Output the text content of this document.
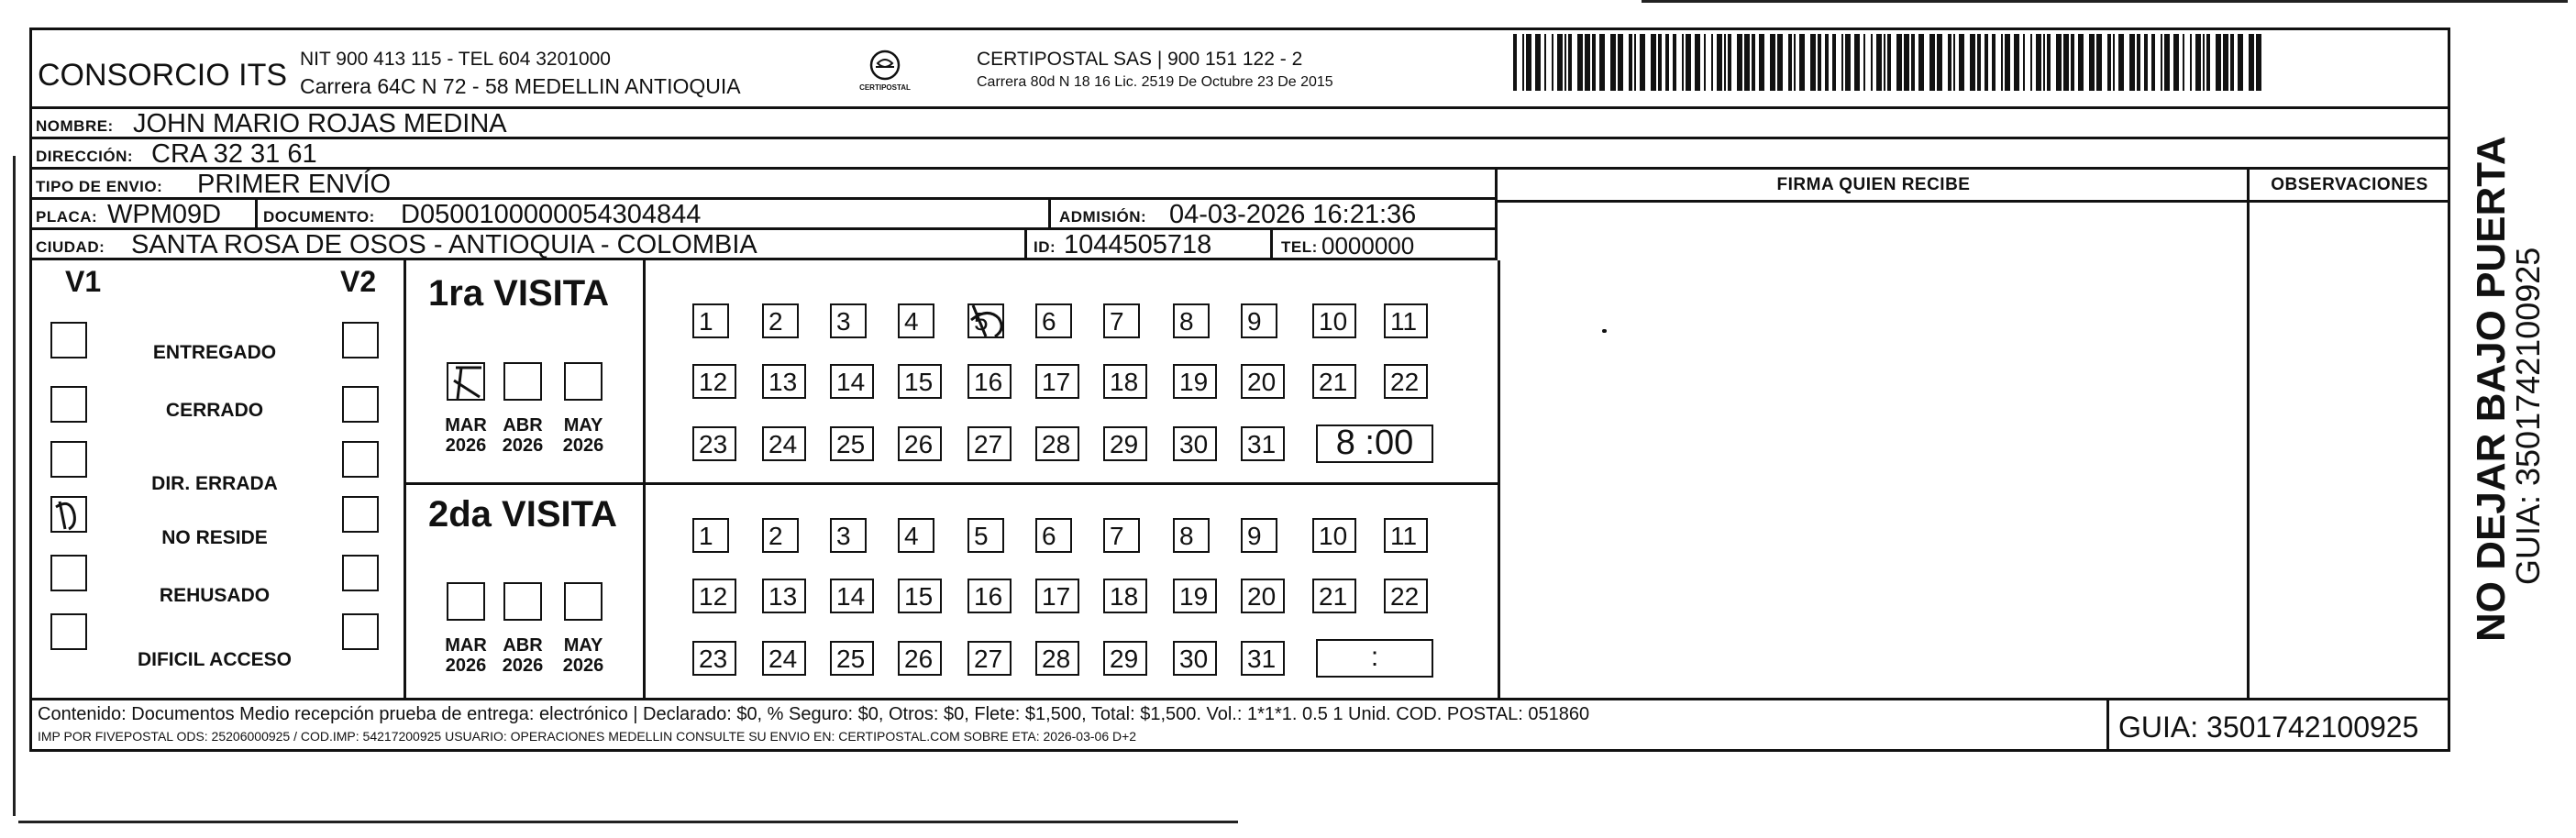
CONSORCIO ITS NIT 900 413 115 - TEL 604 3201000
Carrera 64C N 72 - 58 MEDELLIN ANTIOQUIA	CERTIPOSTAL
CERTIPOSTAL SAS | 900 151 122 - 2
Carrera 80d N 18 16 Lic. 2519 De Octubre 23 De 2015
NOMBRE: JOHN MARIO ROJAS MEDINA
DIRECCIÓN: CRA 32 31 61
TIPO DE ENVIO: PRIMER ENVÍO
PLACA: WPM09D	DOCUMENTO: D0500100000054304844	ADMISIÓN: 04-03-2026 16:21:36
CIUDAD: SANTA ROSA DE OSOS - ANTIOQUIA - COLOMBIA	ID: 1044505718	TEL: 0000000
FIRMA QUIEN RECIBE	OBSERVACIONES
V1	V2
ENTREGADO
CERRADO
DIR. ERRADA
NO RESIDE
REHUSADO
DIFICIL ACCESO
1ra VISITA
2da VISITA
MAR
2026
ABR
2026
MAY
2026
MAR
2026
ABR
2026
MAY
2026
1	2	3	4	5	6	7	8	9	10	11
12	13	14	15	16	17	18	19	20	21	22
23	24	25	26	27	28	29	30	31	8 :00
1	2	3	4	5	6	7	8	9	10	11
12	13	14	15	16	17	18	19	20	21	22
23	24	25	26	27	28	29	30	31	:
Contenido: Documentos Medio recepción prueba de entrega: electrónico | Declarado: $0, % Seguro: $0, Otros: $0, Flete: $1,500, Total: $1,500. Vol.: 1*1*1. 0.5 1 Unid. COD. POSTAL: 051860
IMP POR FIVEPOSTAL ODS: 25206000925 / COD.IMP: 54217200925 USUARIO: OPERACIONES MEDELLIN CONSULTE SU ENVIO EN: CERTIPOSTAL.COM SOBRE ETA: 2026-03-06 D+2	GUIA: 3501742100925
NO DEJAR BAJO PUERTA
GUIA: 3501742100925
